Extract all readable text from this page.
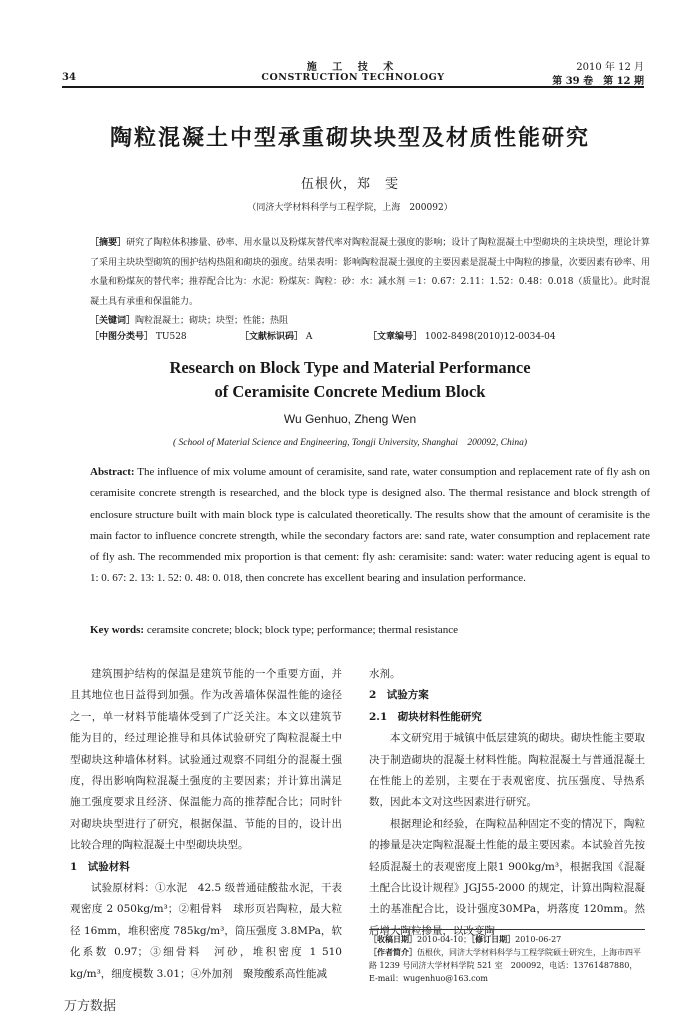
34
施 工 技 术
CONSTRUCTION TECHNOLOGY
2010 年 12 月
第 39 卷　第 12 期
陶粒混凝土中型承重砌块块型及材质性能研究
伍根伙，郑　雯
（同济大学材料科学与工程学院，上海　200092）

［摘要］研究了陶粒体积掺量、砂率、用水量以及粉煤灰替代率对陶粒混凝土强度的影响；设计了陶粒混凝土中型砌块的主块块型，理论计算了采用主块块型砌筑的围护结构热阻和砌块的强度。结果表明：影响陶粒混凝土强度的主要因素是混凝土中陶粒的掺量，次要因素有砂率、用水量和粉煤灰的替代率；推荐配合比为：水泥：粉煤灰：陶粒：砂：水：减水剂 ＝1：0.67：2.11：1.52：0.48：0.018（质量比）。此时混凝土具有承重和保温能力。

［关键词］陶粒混凝土；砌块；块型；性能；热阻

［中图分类号］ TU528	［文献标识码］ A	［文章编号］ 1002-8498(2010)12-0034-04
Research on Block Type and Material Performance
of Ceramisite Concrete Medium Block
Wu Genhuo, Zheng Wen
( School of Material Science and Engineering, Tongji University, Shanghai　200092, China)
Abstract: The influence of mix volume amount of ceramisite, sand rate, water consumption and replacement rate of fly ash on ceramisite concrete strength is researched, and the block type is designed also. The thermal resistance and block strength of enclosure structure built with main block type is calculated theoretically. The results show that the amount of ceramisite is the main factor to influence concrete strength, while the secondary factors are: sand rate, water consumption and replacement rate of fly ash. The recommended mix proportion is that cement: fly ash: ceramisite: sand: water: water reducing agent is equal to 1: 0. 67: 2. 13: 1. 52: 0. 48: 0. 018, then concrete has excellent bearing and insulation performance.
Key words: ceramsite concrete; block; block type; performance; thermal resistance

建筑围护结构的保温是建筑节能的一个重要方面，并且其地位也日益得到加强。作为改善墙体保温性能的途径之一，单一材料节能墙体受到了广泛关注。本文以建筑节能为目的，经过理论推导和具体试验研究了陶粒混凝土中型砌块这种墙体材料。试验通过观察不同组分的混凝土强度，得出影响陶粒混凝土强度的主要因素；并计算出满足施工强度要求且经济、保温能力高的推荐配合比；同时针对砌块块型进行了研究，根据保温、节能的目的，设计出比较合理的陶粒混凝土中型砌块块型。

1　试验材料

试验原材料：①水泥　42.5 级普通硅酸盐水泥，干表观密度 2 050kg/m³；②粗骨料　球形页岩陶粒，最大粒径 16mm，堆积密度 785kg/m³，筒压强度 3.8MPa，软化系数 0.97；③细骨料　河砂，堆积密度 1 510 kg/m³，细度模数 3.01；④外加剂　聚羧酸系高性能减

水剂。

2　试验方案
2.1　砌块材料性能研究

本文研究用于城镇中低层建筑的砌块。砌块性能主要取决于制造砌块的混凝土材料性能。陶粒混凝土与普通混凝土在性能上的差别，主要在于表观密度、抗压强度、导热系数，因此本文对这些因素进行研究。

根据理论和经验，在陶粒品种固定不变的情况下，陶粒的掺量是决定陶粒混凝土性能的最主要因素。本试验首先按轻质混凝土的表观密度上限1 900kg/m³，根据我国《混凝土配合比设计规程》JGJ55-2000 的规定，计算出陶粒混凝土的基准配合比，设计强度30MPa，坍落度 120mm。然后增大陶粒掺量，以改变陶

［收稿日期］2010-04-10；［修订日期］2010-06-27
［作者简介］伍根伙，同济大学材料科学与工程学院硕士研究生，上海市四平路 1239 号同济大学材料学院 521 室　200092，电话：13761487880，E-mail：wugenhuo@163.com
万方数据
